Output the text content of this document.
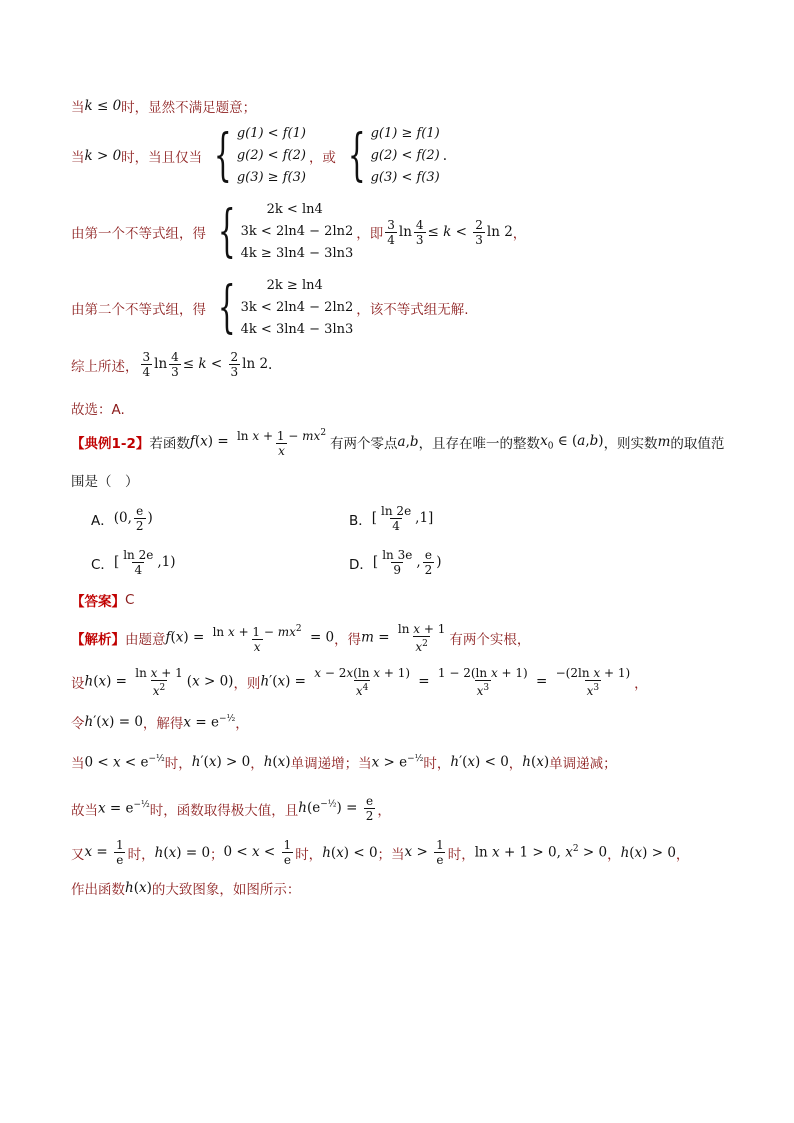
当 k ≤ 0 时，显然不满足题意；
当 k > 0 时，当且仅当 { g(1) < f(1)
g(2) < f(2)
g(3) ≥ f(3)
，或 { g(1) ≥ f(1)
g(2) < f(2)
g(3) < f(3)
.
由第一个不等式组，得 {	2k < ln4
3k < 2ln4 − 2ln2
4k ≥ 3ln4 − 3ln3
，即 $\frac{3}{4}$ $\ln \frac{4}{3} \le k < \frac{2}{3}$ ln 2 ，
由第二个不等式组，得 {	2k ≥ ln4
3k < 2ln4 − 2ln2
4k < 3ln4 − 3ln3
，该不等式组无解.
综上所述， $\frac{3}{4}$ $\ln \frac{4}{3} \le k < \frac{2}{3}$ ln 2 .
故选：A.
【典例1-2】 若函数 $f(x) = \frac{\ln x + 1 - mx^2}{x}$ 有两个零点 a , b ，且存在唯一的整数 $x_0$ ∈ (a,b) ，则实数 m 的取值范
围是（　）
A． (0, $\frac{e}{2}$ )	B． [ $\frac{\ln 2e}{4} ,1$]
C． [ $\frac{\ln 2e}{4} ,1$)	D． [ $\frac{\ln 3e}{9}$ , $\frac{e}{2}$ )
【答案】 C
【解析】 由题意 $f(x) = \frac{\ln x + 1 - mx^2}{x} = 0$ ，得 $m = \frac{\text{ln x + 1}}{x^2}$ 有两个实根，
设 $h(x) = \frac{\text{ln x + 1}}{x^2} (x > 0)$ ，则 $h'(x) = \frac{\text{x − 2x(ln x + 1)}}{x^4} = \frac{\text{1 − 2(ln x + 1)}}{x^3} = \frac{\text{−(2ln x + 1)}}{x^3}$ ，
令 h′(x) = 0 ，解得 $x = e^{-\frac{1}{2}}$ ，
当 $0 < x < e^{-\frac{1}{2}}$ 时， h′(x) > 0 ， h(x) 单调递增；当 $x > e^{-\frac{1}{2}}$ 时， h′(x) < 0 ， h(x) 单调递减；
故当 $x = e^{-\frac{1}{2}}$ 时，函数取得极大值，且 $h(e^{-\frac{1}{2}}) = \frac{e}{2}$ ，
又 $x = \frac{1}{e}$ 时， h(x) = 0 ； $0 < x < \frac{1}{e}$ 时， h(x) < 0 ；当 $x > \frac{1}{e}$ 时， ln x + 1 > 0, $x^2 > 0$ ， h(x) > 0 ，
作出函数 h(x) 的大致图象，如图所示：
